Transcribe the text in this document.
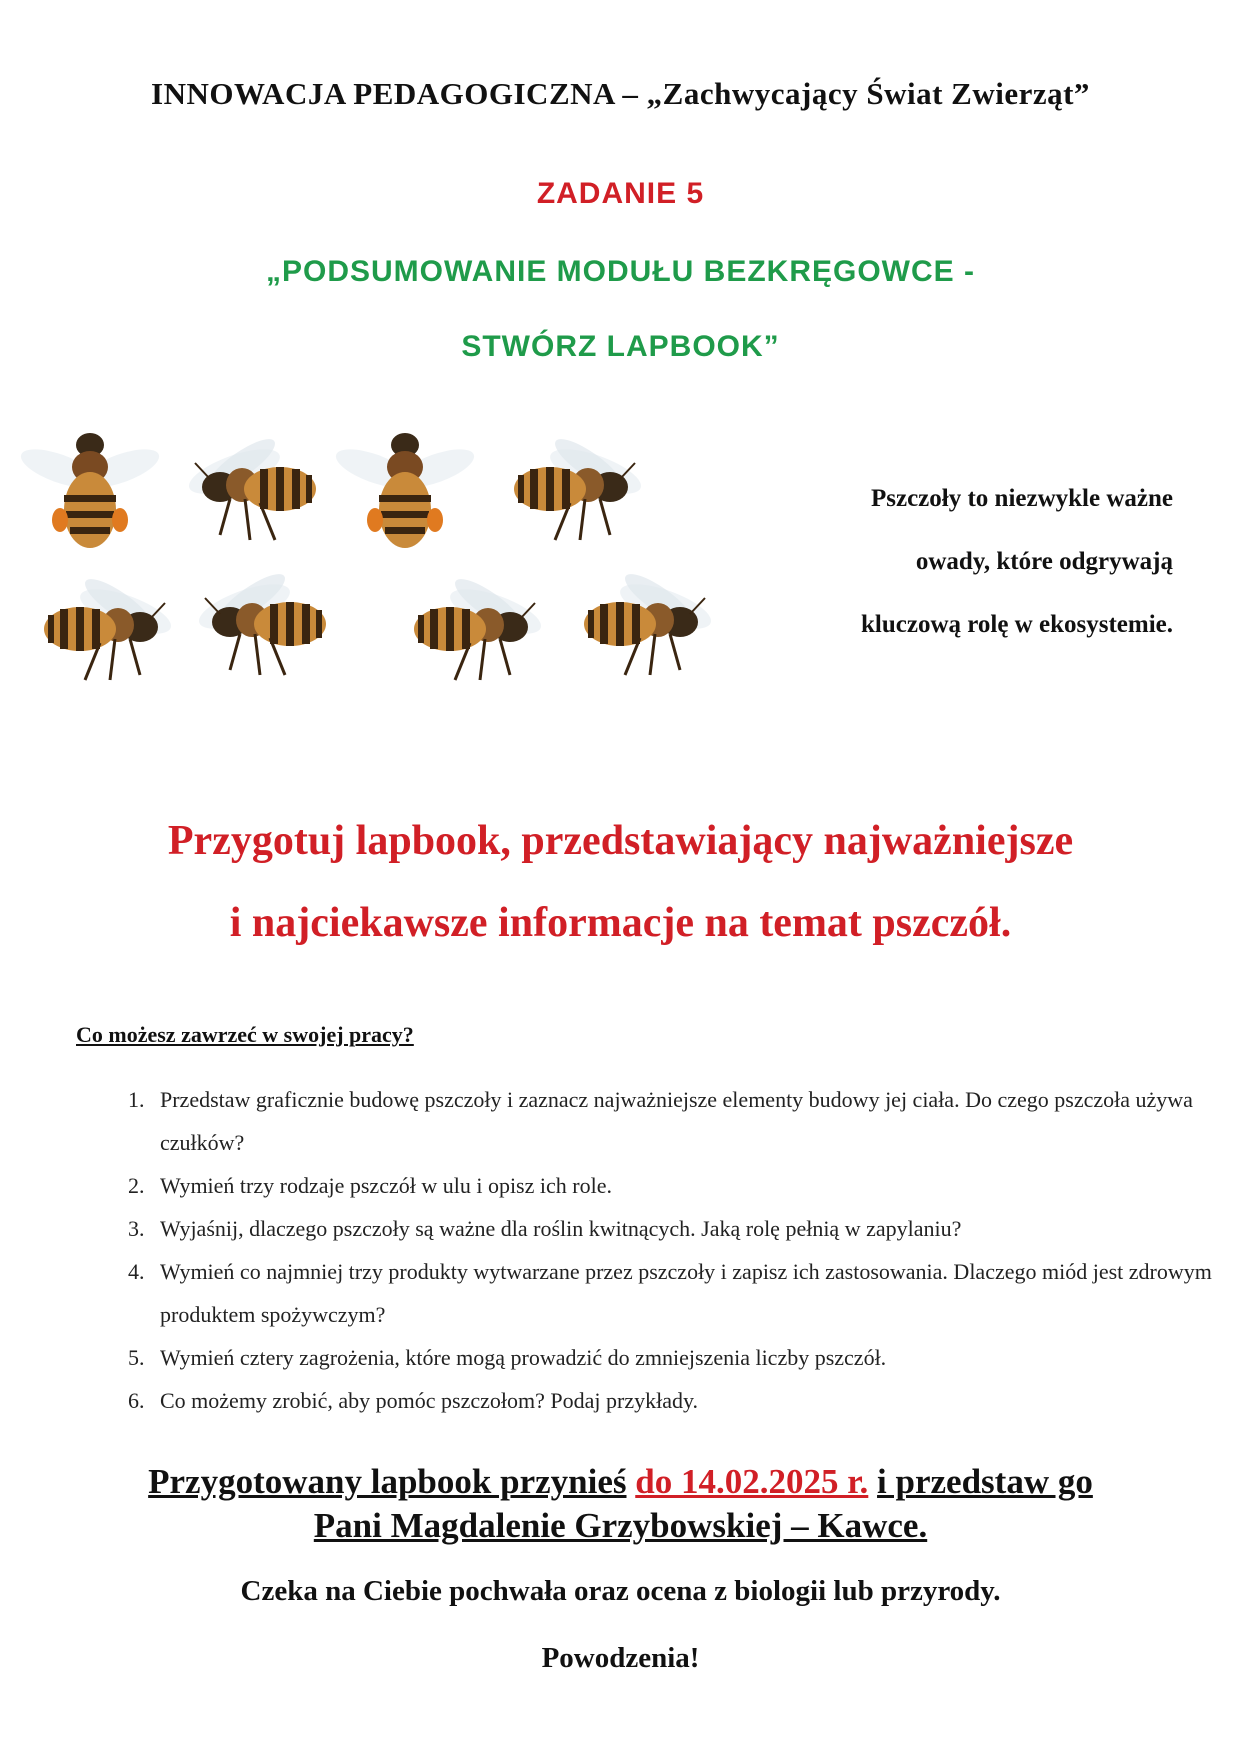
INNOWACJA PEDAGOGICZNA – „Zachwycający Świat Zwierząt”
ZADANIE 5
„PODSUMOWANIE MODUŁU BEZKRĘGOWCE -
STWÓRZ LAPBOOK”
Pszczoły to niezwykle ważne
owady, które odgrywają
kluczową rolę w ekosystemie.
Przygotuj lapbook, przedstawiający najważniejsze
i najciekawsze informacje na temat pszczół.
Co możesz zawrzeć w swojej pracy?
1. Przedstaw graficznie budowę pszczoły i zaznacz najważniejsze elementy budowy jej ciała. Do czego pszczoła używa czułków?
2. Wymień trzy rodzaje pszczół w ulu i opisz ich role.
3. Wyjaśnij, dlaczego pszczoły są ważne dla roślin kwitnących. Jaką rolę pełnią w zapylaniu?
4. Wymień co najmniej trzy produkty wytwarzane przez pszczoły i zapisz ich zastosowania. Dlaczego miód jest zdrowym produktem spożywczym?
5. Wymień cztery zagrożenia, które mogą prowadzić do zmniejszenia liczby pszczół.
6. Co możemy zrobić, aby pomóc pszczołom? Podaj przykłady.
Przygotowany lapbook przynieś do 14.02.2025 r. i przedstaw go
Pani Magdalenie Grzybowskiej – Kawce.
Czeka na Ciebie pochwała oraz ocena z biologii lub przyrody.
Powodzenia!
